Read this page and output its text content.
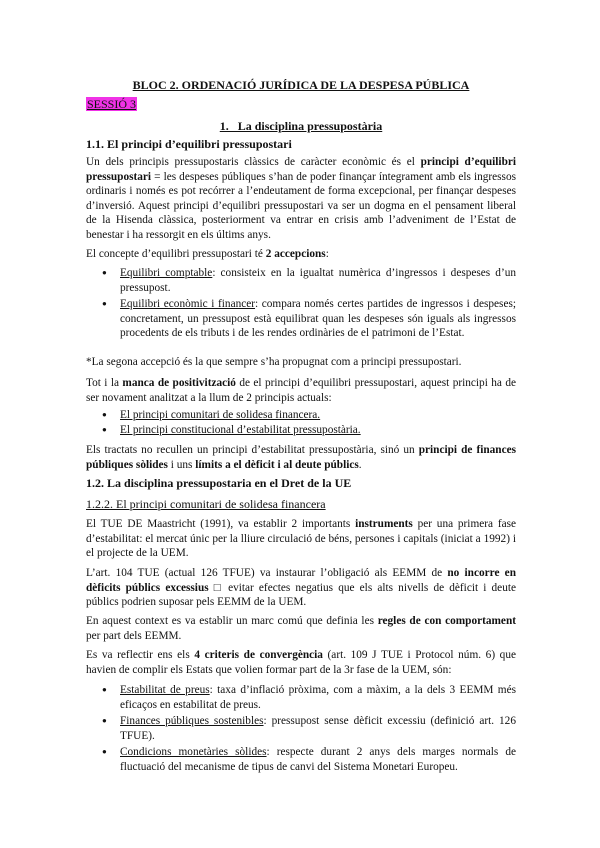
BLOC 2. ORDENACIÓ JURÍDICA DE LA DESPESA PÚBLICA
SESSIÓ 3
1.   La disciplina pressupostària
1.1. El principi d’equilibri pressupostari

Un dels principis pressupostaris clàssics de caràcter econòmic és el principi d’equilibri pressupostari = les despeses públiques s’han de poder finançar íntegrament amb els ingressos ordinaris i només es pot recórrer a l’endeutament de forma excepcional, per finançar despeses d’inversió. Aquest principi d’equilibri pressupostari va ser un dogma en el pensament liberal de la Hisenda clàssica, posteriorment va entrar en crisis amb l’adveniment de l’Estat de benestar i ha ressorgit en els últims anys.

El concepte d’equilibri pressupostari té 2 accepcions:

● Equilibri comptable: consisteix en la igualtat numèrica d’ingressos i despeses d’un pressupost.
● Equilibri econòmic i financer: compara només certes partides de ingressos i despeses; concretament, un pressupost està equilibrat quan les despeses són iguals als ingressos procedents de els tributs i de les rendes ordinàries de el patrimoni de l’Estat.

*La segona accepció és la que sempre s’ha propugnat com a principi pressupostari.

Tot i la manca de positivització de el principi d’equilibri pressupostari, aquest principi ha de ser novament analitzat a la llum de 2 principis actuals:

● El principi comunitari de solidesa financera.
● El principi constitucional d’estabilitat pressupostària.

Els tractats no recullen un principi d’estabilitat pressupostària, sinó un principi de finances públiques sòlides i uns límits a el dèficit i al deute públics.

1.2. La disciplina pressupostaria en el Dret de la UE
1.2.2. El principi comunitari de solidesa financera

El TUE DE Maastricht (1991), va establir 2 importants instruments per una primera fase d’estabilitat: el mercat únic per la lliure circulació de béns, persones i capitals (iniciat a 1992) i el projecte de la UEM.

L’art. 104 TUE (actual 126 TFUE) va instaurar l’obligació als EEMM de no incorre en dèficits públics excessius □ evitar efectes negatius que els alts nivells de dèficit i deute públics podrien suposar pels EEMM de la UEM.

En aquest context es va establir un marc comú que definia les regles de con comportament per part dels EEMM.

Es va reflectir ens els 4 criteris de convergència (art. 109 J TUE i Protocol núm. 6) que havien de complir els Estats que volien formar part de la 3r fase de la UEM, són:

● Estabilitat de preus: taxa d’inflació pròxima, com a màxim, a la dels 3 EEMM més eficaços en estabilitat de preus.
● Finances públiques sostenibles: pressupost sense dèficit excessiu (definició art. 126 TFUE).
● Condicions monetàries sòlides: respecte durant 2 anys dels marges normals de fluctuació del mecanisme de tipus de canvi del Sistema Monetari Europeu.
